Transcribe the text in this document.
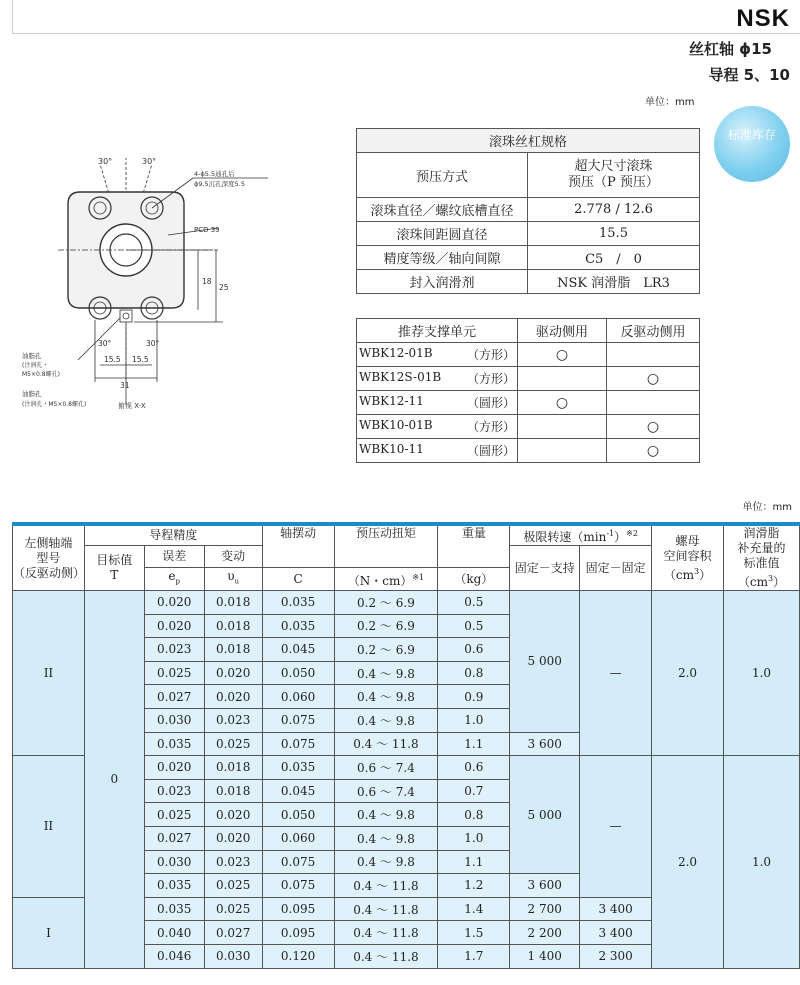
NSK
丝杠轴 ϕ15
导程 5、10
单位：mm
标准库存
30°	30°
4-ϕ5.5通孔后
ϕ9.5沉孔深度5.5
PCD 39
18
25
15.5 15.5
31
30°	30°
油脂孔
(注润孔・
M5×0.8螺孔)
油脂孔
(注润孔・M5×0.8螺孔)	俯视 X-X
滚珠丝杠规格	
预压方式	超大尺寸滚珠
预压（P 预压）
滚珠直径／螺纹底槽直径	2.778 / 12.6
滚珠间距圆直径	15.5
精度等级／轴向间隙	C5　/　0
封入润滑剂	NSK 润滑脂　LR3
推荐支撑单元	驱动侧用	反驱动侧用
WBK12-01B （方形）	○	
WBK12S-01B （方形）		○
WBK12-11 （圆形）	○	
WBK10-01B （方形）		○
WBK10-11 （圆形）		○
单位：mm
左侧轴端
型号
（反驱动侧）	导程精度			轴摆动	预压动扭矩	重量	极限转速$(\min^{-1})^{※2}$		螺母
空间容积
$(cm^3)$	润滑脂
补充量的
标准值
$(cm^3)$
	目标值
T	误差	变动				固定－支持	固定－固定		
		$e_p$	$\upsilon_u$	C	（N・cm）$^{※1}$	（kg）				
II	0	0.020	0.018	0.035	0.2 ～ 6.9	0.5	5 000	—	2.0	1.0
		0.020	0.018	0.035	0.2 ～ 6.9	0.5				
		0.023	0.018	0.045	0.2 ～ 6.9	0.6				
		0.025	0.020	0.050	0.4 ～ 9.8	0.8				
		0.027	0.020	0.060	0.4 ～ 9.8	0.9				
		0.030	0.023	0.075	0.4 ～ 9.8	1.0				
		0.035	0.025	0.075	0.4 ～ 11.8	1.1	3 600			
II		0.020	0.018	0.035	0.6 ～ 7.4	0.6	5 000	—	2.0	1.0
		0.023	0.018	0.045	0.6 ～ 7.4	0.7				
		0.025	0.020	0.050	0.4 ～ 9.8	0.8				
		0.027	0.020	0.060	0.4 ～ 9.8	1.0				
		0.030	0.023	0.075	0.4 ～ 9.8	1.1				
		0.035	0.025	0.075	0.4 ～ 11.8	1.2	3 600			
I		0.035	0.025	0.095	0.4 ～ 11.8	1.4	2 700	3 400		
		0.040	0.027	0.095	0.4 ～ 11.8	1.5	2 200	3 400		
		0.046	0.030	0.120	0.4 ～ 11.8	1.7	1 400	2 300		
